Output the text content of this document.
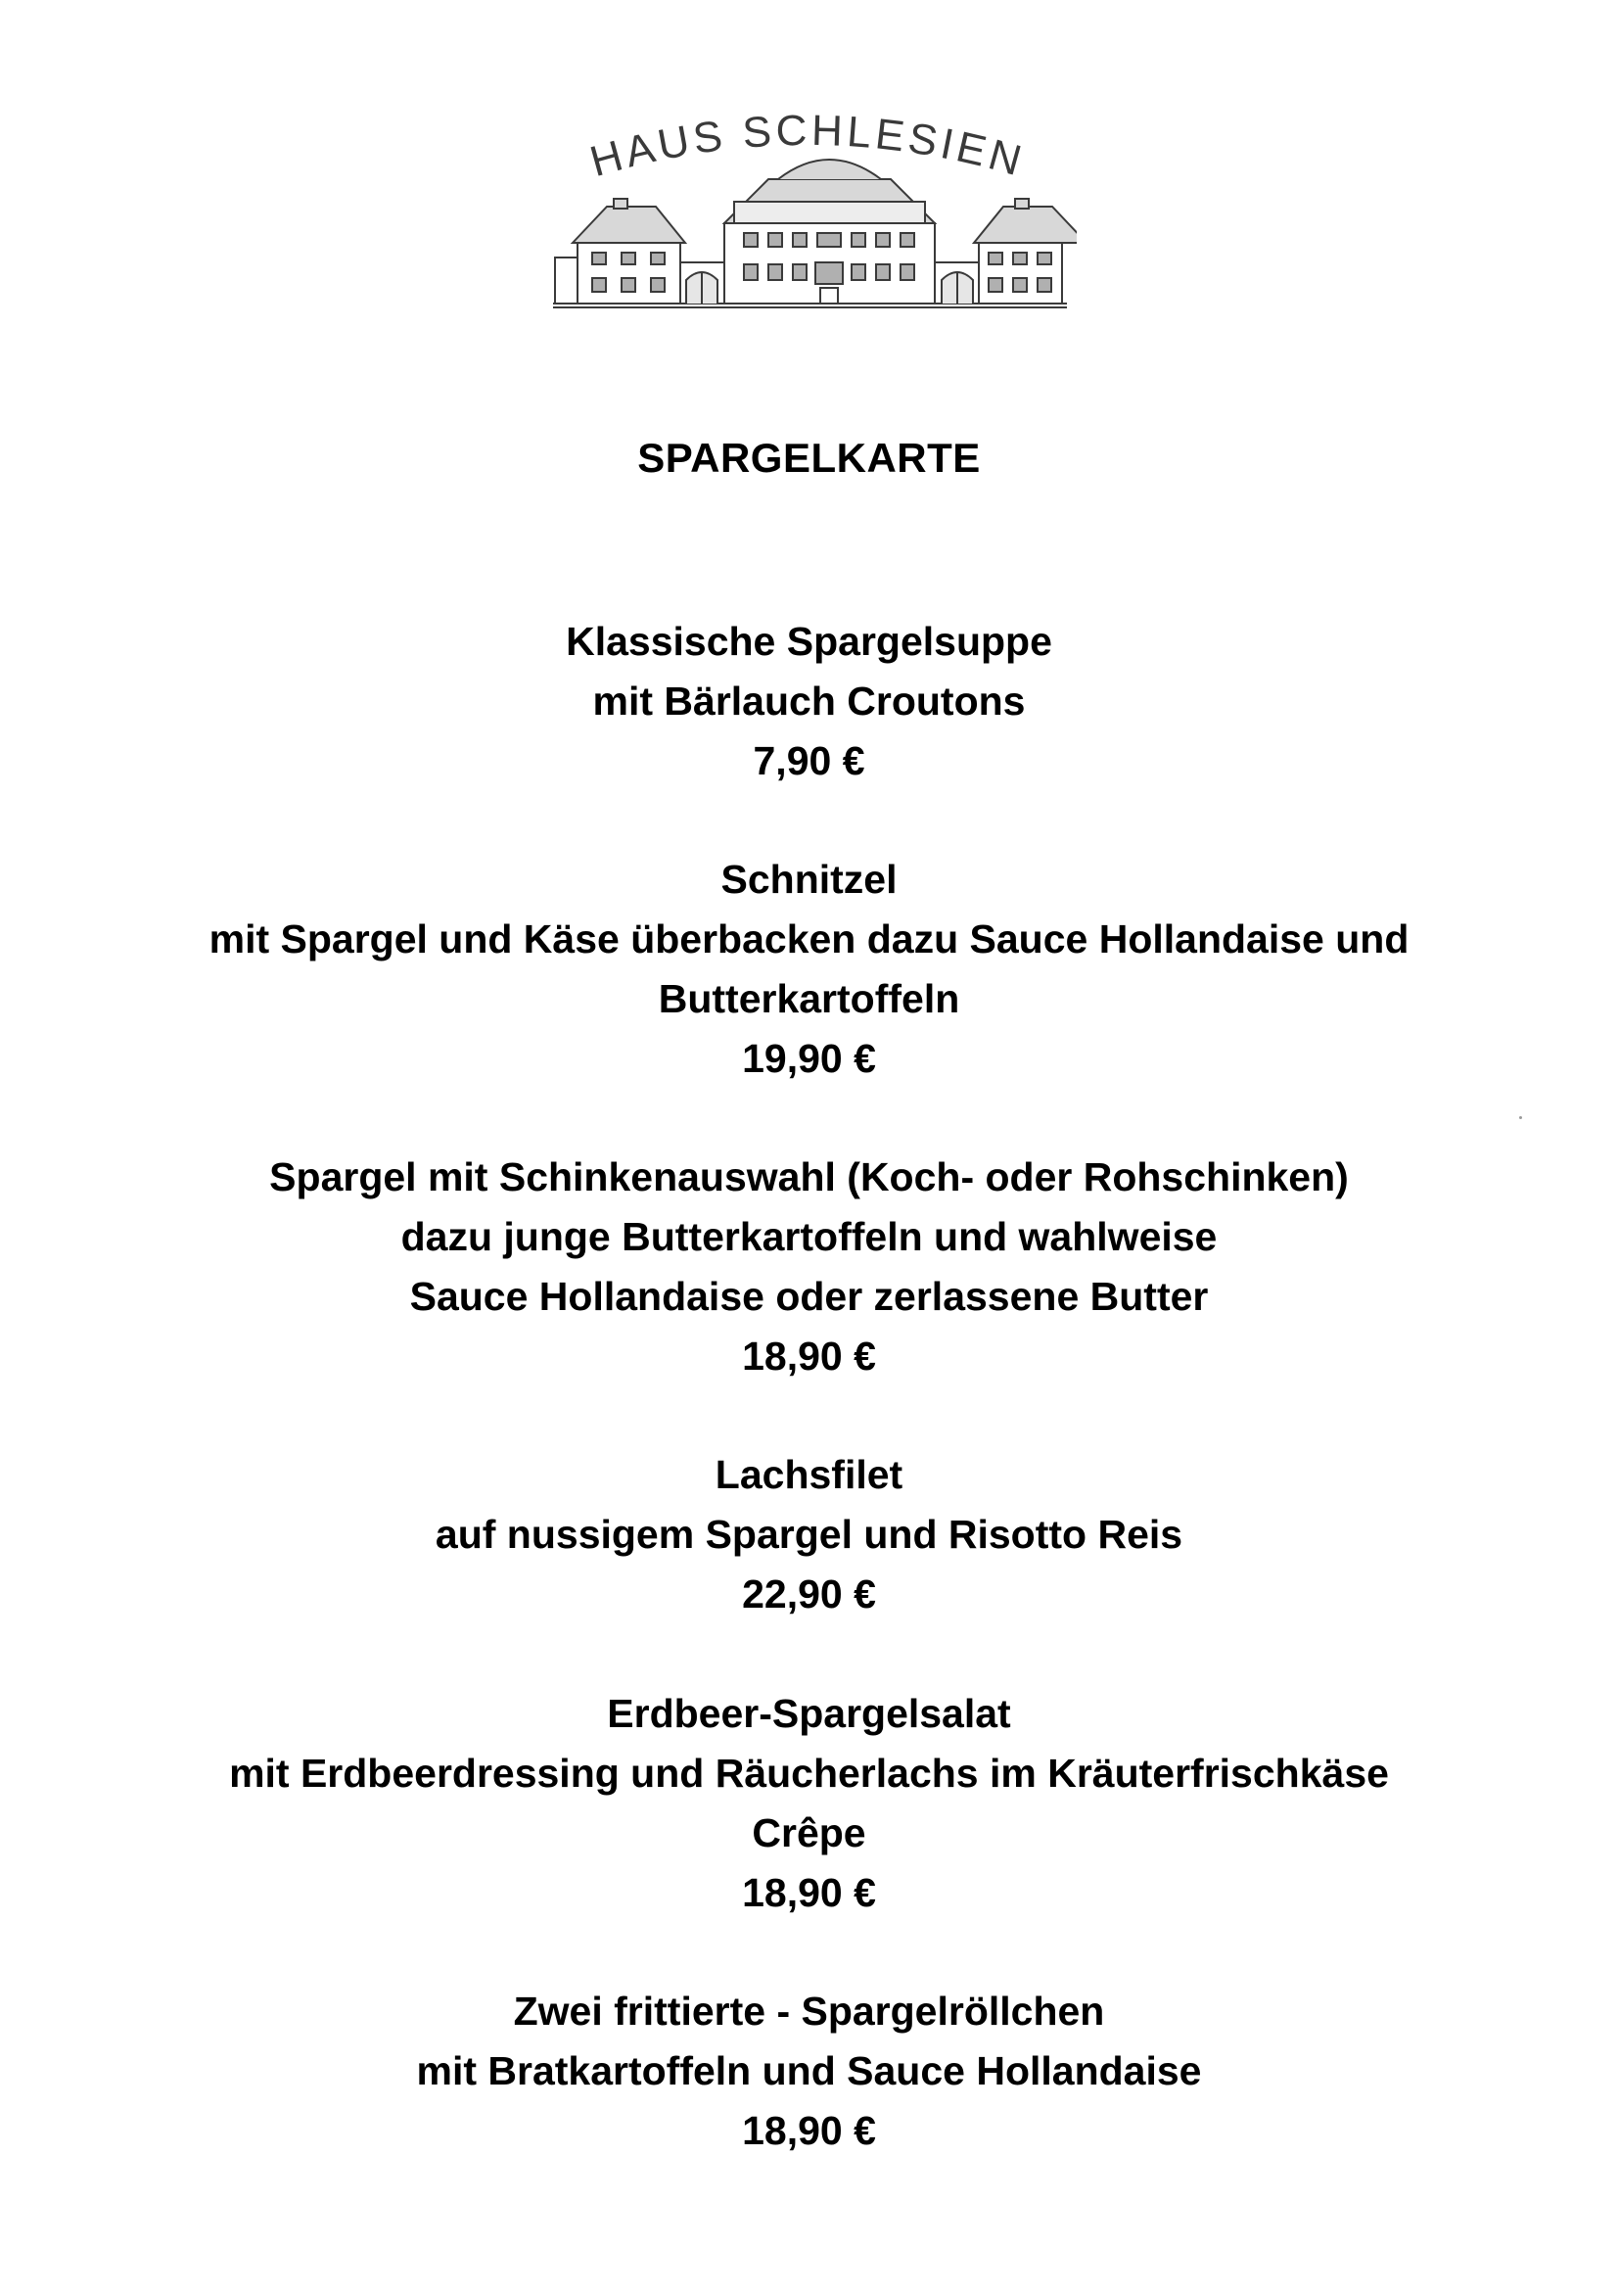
HAUS SCHLESIEN
SPARGELKARTE
Klassische Spargelsuppe
mit Bärlauch Croutons
7,90 €
Schnitzel
mit Spargel und Käse überbacken dazu Sauce Hollandaise und
Butterkartoffeln
19,90 €
Spargel mit Schinkenauswahl (Koch- oder Rohschinken)
dazu junge Butterkartoffeln und wahlweise
Sauce Hollandaise oder zerlassene Butter
18,90 €
Lachsfilet
auf nussigem Spargel und Risotto Reis
22,90 €
Erdbeer-Spargelsalat
mit Erdbeerdressing und Räucherlachs im Kräuterfrischkäse
Crêpe
18,90 €
Zwei frittierte - Spargelröllchen
mit Bratkartoffeln und Sauce Hollandaise
18,90 €
